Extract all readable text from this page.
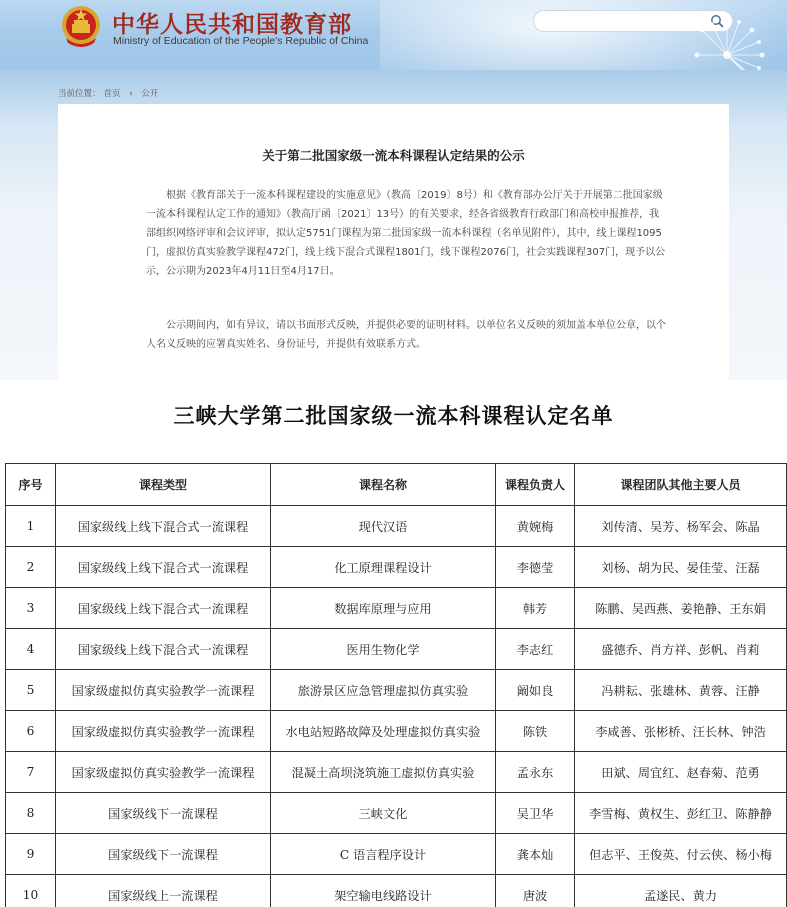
中华人民共和国教育部
Ministry of Education of the People's Republic of China
当前位置： 首页 › 公开
关于第二批国家级一流本科课程认定结果的公示

根据《教育部关于一流本科课程建设的实施意见》（教高〔2019〕8号）和《教育部办公厅关于开展第二批国家级一流本科课程认定工作的通知》（教高厅函〔2021〕13号）的有关要求，经各省级教育行政部门和高校申报推荐，我部组织网络评审和会议评审，拟认定5751门课程为第二批国家级一流本科课程（名单见附件），其中，线上课程1095门，虚拟仿真实验教学课程472门，线上线下混合式课程1801门，线下课程2076门，社会实践课程307门，现予以公示，公示期为2023年4月11日至4月17日。

公示期间内，如有异议，请以书面形式反映，并提供必要的证明材料。以单位名义反映的须加盖本单位公章，以个人名义反映的应署真实姓名、身份证号，并提供有效联系方式。

三峡大学第二批国家级一流本科课程认定名单
序号	课程类型	课程名称	课程负责人	课程团队其他主要人员
1	国家级线上线下混合式一流课程	现代汉语	黄婉梅	刘传清、吴芳、杨军会、陈晶
2	国家级线上线下混合式一流课程	化工原理课程设计	李德莹	刘杨、胡为民、晏佳莹、汪磊
3	国家级线上线下混合式一流课程	数据库原理与应用	韩芳	陈鹏、吴西燕、姜艳静、王东娟
4	国家级线上线下混合式一流课程	医用生物化学	李志红	盛德乔、肖方祥、彭帆、肖莉
5	国家级虚拟仿真实验教学一流课程	旅游景区应急管理虚拟仿真实验	阚如良	冯耕耘、张雄林、黄蓉、汪静
6	国家级虚拟仿真实验教学一流课程	水电站短路故障及处理虚拟仿真实验	陈铁	李咸善、张彬桥、汪长林、钟浩
7	国家级虚拟仿真实验教学一流课程	混凝土高坝浇筑施工虚拟仿真实验	孟永东	田斌、周宜红、赵春菊、范勇
8	国家级线下一流课程	三峡文化	吴卫华	李雪梅、黄权生、彭红卫、陈静静
9	国家级线下一流课程	C 语言程序设计	龚本灿	但志平、王俊英、付云侠、杨小梅
10	国家级线上一流课程	架空输电线路设计	唐波	孟遂民、黄力
